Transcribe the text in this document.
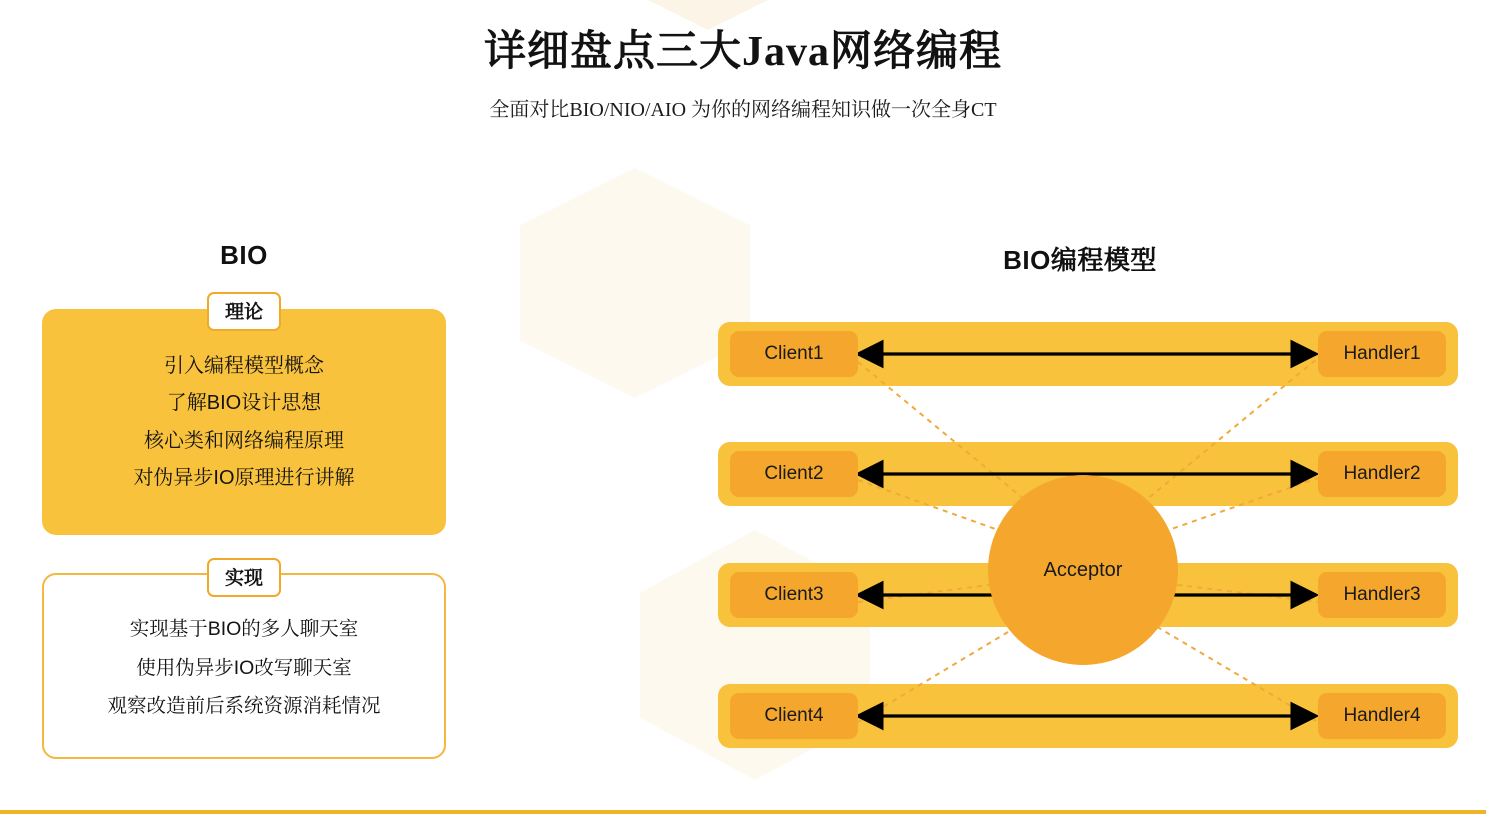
详细盘点三大Java网络编程
全面对比BIO/NIO/AIO 为你的网络编程知识做一次全身CT
BIO
理论
引入编程模型概念
了解BIO设计思想
核心类和网络编程原理
对伪异步IO原理进行讲解
实现
实现基于BIO的多人聊天室
使用伪异步IO改写聊天室
观察改造前后系统资源消耗情况
BIO编程模型
Client1	Handler1
Client2	Handler2
Client3	Handler3
Client4	Handler4
Acceptor
